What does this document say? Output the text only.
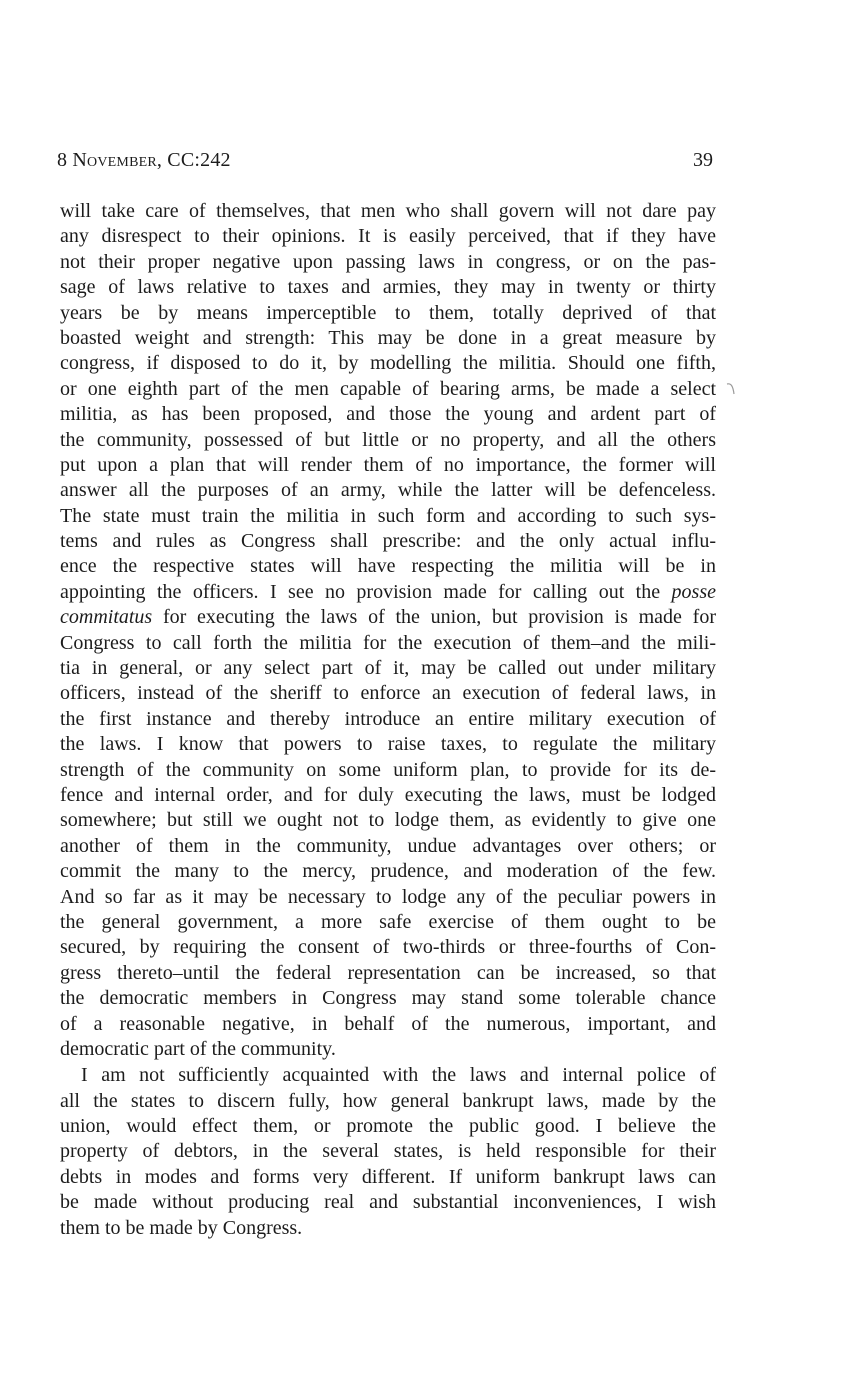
8 November, CC:242	39
will take care of themselves, that men who shall govern will not dare pay
any disrespect to their opinions. It is easily perceived, that if they have
not their proper negative upon passing laws in congress, or on the pas-
sage of laws relative to taxes and armies, they may in twenty or thirty
years be by means imperceptible to them, totally deprived of that
boasted weight and strength: This may be done in a great measure by
congress, if disposed to do it, by modelling the militia. Should one fifth,
or one eighth part of the men capable of bearing arms, be made a select
militia, as has been proposed, and those the young and ardent part of
the community, possessed of but little or no property, and all the others
put upon a plan that will render them of no importance, the former will
answer all the purposes of an army, while the latter will be defenceless.
The state must train the militia in such form and according to such sys-
tems and rules as Congress shall prescribe: and the only actual influ-
ence the respective states will have respecting the militia will be in
appointing the officers. I see no provision made for calling out the posse
commitatus for executing the laws of the union, but provision is made for
Congress to call forth the militia for the execution of them–and the mili-
tia in general, or any select part of it, may be called out under military
officers, instead of the sheriff to enforce an execution of federal laws, in
the first instance and thereby introduce an entire military execution of
the laws. I know that powers to raise taxes, to regulate the military
strength of the community on some uniform plan, to provide for its de-
fence and internal order, and for duly executing the laws, must be lodged
somewhere; but still we ought not to lodge them, as evidently to give one
another of them in the community, undue advantages over others; or
commit the many to the mercy, prudence, and moderation of the few.
And so far as it may be necessary to lodge any of the peculiar powers in
the general government, a more safe exercise of them ought to be
secured, by requiring the consent of two-thirds or three-fourths of Con-
gress thereto–until the federal representation can be increased, so that
the democratic members in Congress may stand some tolerable chance
of a reasonable negative, in behalf of the numerous, important, and
democratic part of the community.
I am not sufficiently acquainted with the laws and internal police of
all the states to discern fully, how general bankrupt laws, made by the
union, would effect them, or promote the public good. I believe the
property of debtors, in the several states, is held responsible for their
debts in modes and forms very different. If uniform bankrupt laws can
be made without producing real and substantial inconveniences, I wish
them to be made by Congress.
